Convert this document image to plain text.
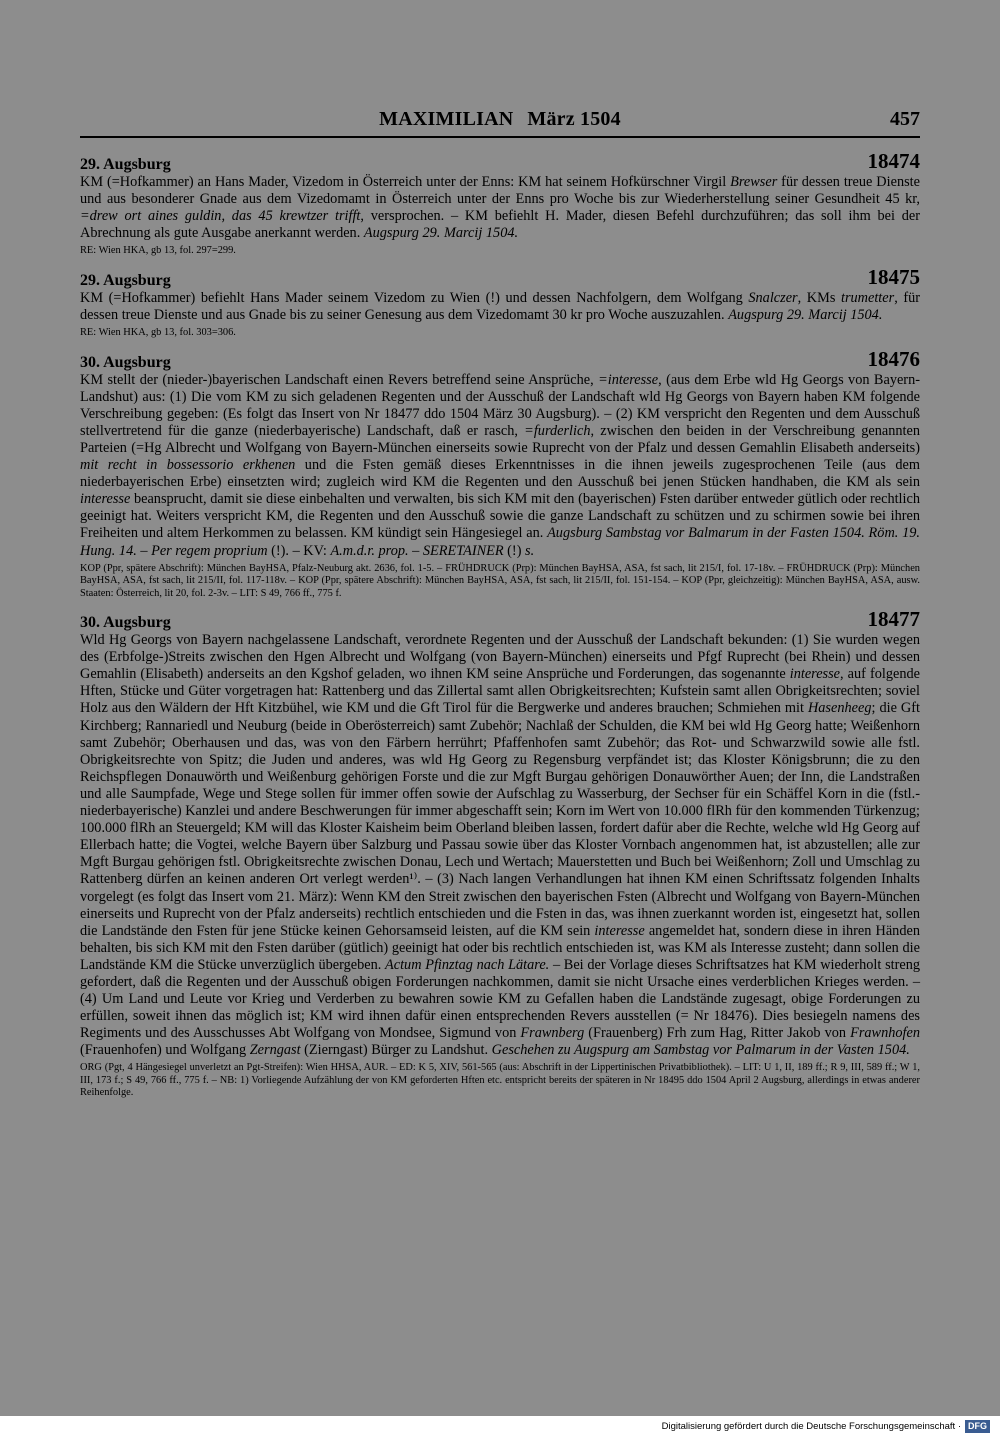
MAXIMILIAN März 1504	457
29. Augsburg	18474

KM (=Hofkammer) an Hans Mader, Vizedom in Österreich unter der Enns: KM hat seinem Hofkürschner Virgil Brewser für dessen treue Dienste und aus besonderer Gnade aus dem Vizedomamt in Österreich unter der Enns pro Woche bis zur Wiederherstellung seiner Gesundheit 45 kr, =drew ort aines guldin, das 45 krewtzer trifft, versprochen. – KM befiehlt H. Mader, diesen Befehl durchzuführen; das soll ihm bei der Abrechnung als gute Ausgabe anerkannt werden. Augspurg 29. Marcij 1504.

RE: Wien HKA, gb 13, fol. 297=299.
29. Augsburg	18475

KM (=Hofkammer) befiehlt Hans Mader seinem Vizedom zu Wien (!) und dessen Nachfolgern, dem Wolfgang Snalczer, KMs trumetter, für dessen treue Dienste und aus Gnade bis zu seiner Genesung aus dem Vizedomamt 30 kr pro Woche auszuzahlen. Augspurg 29. Marcij 1504.

RE: Wien HKA, gb 13, fol. 303=306.
30. Augsburg	18476

KM stellt der (nieder-)bayerischen Landschaft einen Revers betreffend seine Ansprüche, =interesse, (aus dem Erbe wld Hg Georgs von Bayern-Landshut) aus: (1) Die vom KM zu sich geladenen Regenten und der Ausschuß der Landschaft wld Hg Georgs von Bayern haben KM folgende Verschreibung gegeben: (Es folgt das Insert von Nr 18477 ddo 1504 März 30 Augsburg). – (2) KM verspricht den Regenten und dem Ausschuß stellvertretend für die ganze (niederbayerische) Landschaft, daß er rasch, =furderlich, zwischen den beiden in der Verschreibung genannten Parteien (=Hg Albrecht und Wolfgang von Bayern-München einerseits sowie Ruprecht von der Pfalz und dessen Gemahlin Elisabeth anderseits) mit recht in bossessorio erkhenen und die Fsten gemäß dieses Erkenntnisses in die ihnen jeweils zugesprochenen Teile (aus dem niederbayerischen Erbe) einsetzten wird; zugleich wird KM die Regenten und den Ausschuß bei jenen Stücken handhaben, die KM als sein interesse beansprucht, damit sie diese einbehalten und verwalten, bis sich KM mit den (bayerischen) Fsten darüber entweder gütlich oder rechtlich geeinigt hat. Weiters verspricht KM, die Regenten und den Ausschuß sowie die ganze Landschaft zu schützen und zu schirmen sowie bei ihren Freiheiten und altem Herkommen zu belassen. KM kündigt sein Hängesiegel an. Augsburg Sambstag vor Balmarum in der Fasten 1504. Röm. 19. Hung. 14. – Per regem proprium (!). – KV: A.m.d.r. prop. – SERETAINER (!) s.

KOP (Ppr, spätere Abschrift): München BayHSA, Pfalz-Neuburg akt. 2636, fol. 1-5. – FRÜHDRUCK (Prp): München BayHSA, ASA, fst sach, lit 215/I, fol. 17-18v. – FRÜHDRUCK (Prp): München BayHSA, ASA, fst sach, lit 215/II, fol. 117-118v. – KOP (Ppr, spätere Abschrift): München BayHSA, ASA, fst sach, lit 215/II, fol. 151-154. – KOP (Ppr, gleichzeitig): München BayHSA, ASA, ausw. Staaten: Österreich, lit 20, fol. 2-3v. – LIT: S 49, 766 ff., 775 f.
30. Augsburg	18477

Wld Hg Georgs von Bayern nachgelassene Landschaft, verordnete Regenten und der Ausschuß der Landschaft bekunden: (1) Sie wurden wegen des (Erbfolge-)Streits zwischen den Hgen Albrecht und Wolfgang (von Bayern-München) einerseits und Pfgf Ruprecht (bei Rhein) und dessen Gemahlin (Elisabeth) anderseits an den Kgshof geladen, wo ihnen KM seine Ansprüche und Forderungen, das sogenannte interesse, auf folgende Hften, Stücke und Güter vorgetragen hat: Rattenberg und das Zillertal samt allen Obrigkeitsrechten; Kufstein samt allen Obrigkeitsrechten; soviel Holz aus den Wäldern der Hft Kitzbühel, wie KM und die Gft Tirol für die Bergwerke und anderes brauchen; Schmiehen mit Hasenheeg; die Gft Kirchberg; Rannariedl und Neuburg (beide in Oberösterreich) samt Zubehör; Nachlaß der Schulden, die KM bei wld Hg Georg hatte; Weißenhorn samt Zubehör; Oberhausen und das, was von den Färbern herrührt; Pfaffenhofen samt Zubehör; das Rot- und Schwarzwild sowie alle fstl. Obrigkeitsrechte von Spitz; die Juden und anderes, was wld Hg Georg zu Regensburg verpfändet ist; das Kloster Königsbrunn; die zu den Reichspflegen Donauwörth und Weißenburg gehörigen Forste und die zur Mgft Burgau gehörigen Donauwörther Auen; der Inn, die Landstraßen und alle Saumpfade, Wege und Stege sollen für immer offen sowie der Aufschlag zu Wasserburg, der Sechser für ein Schäffel Korn in die (fstl.-niederbayerische) Kanzlei und andere Beschwerungen für immer abgeschafft sein; Korn im Wert von 10.000 flRh für den kommenden Türkenzug; 100.000 flRh an Steuergeld; KM will das Kloster Kaisheim beim Oberland bleiben lassen, fordert dafür aber die Rechte, welche wld Hg Georg auf Ellerbach hatte; die Vogtei, welche Bayern über Salzburg und Passau sowie über das Kloster Vornbach angenommen hat, ist abzustellen; alle zur Mgft Burgau gehörigen fstl. Obrigkeitsrechte zwischen Donau, Lech und Wertach; Mauerstetten und Buch bei Weißenhorn; Zoll und Umschlag zu Rattenberg dürfen an keinen anderen Ort verlegt werden¹⁾. – (3) Nach langen Verhandlungen hat ihnen KM einen Schriftssatz folgenden Inhalts vorgelegt (es folgt das Insert vom 21. März): Wenn KM den Streit zwischen den bayerischen Fsten (Albrecht und Wolfgang von Bayern-München einerseits und Ruprecht von der Pfalz anderseits) rechtlich entschieden und die Fsten in das, was ihnen zuerkannt worden ist, eingesetzt hat, sollen die Landstände den Fsten für jene Stücke keinen Gehorsamseid leisten, auf die KM sein interesse angemeldet hat, sondern diese in ihren Händen behalten, bis sich KM mit den Fsten darüber (gütlich) geeinigt hat oder bis rechtlich entschieden ist, was KM als Interesse zusteht; dann sollen die Landstände KM die Stücke unverzüglich übergeben. Actum Pfinztag nach Lätare. – Bei der Vorlage dieses Schriftsatzes hat KM wiederholt streng gefordert, daß die Regenten und der Ausschuß obigen Forderungen nachkommen, damit sie nicht Ursache eines verderblichen Krieges werden. – (4) Um Land und Leute vor Krieg und Verderben zu bewahren sowie KM zu Gefallen haben die Landstände zugesagt, obige Forderungen zu erfüllen, soweit ihnen das möglich ist; KM wird ihnen dafür einen entsprechenden Revers ausstellen (= Nr 18476). Dies besiegeln namens des Regiments und des Ausschusses Abt Wolfgang von Mondsee, Sigmund von Frawnberg (Frauenberg) Frh zum Hag, Ritter Jakob von Frawnhofen (Frauenhofen) und Wolfgang Zerngast (Zierngast) Bürger zu Landshut. Geschehen zu Augspurg am Sambstag vor Palmarum in der Vasten 1504.

ORG (Pgt, 4 Hängesiegel unverletzt an Pgt-Streifen): Wien HHSA, AUR. – ED: K 5, XIV, 561-565 (aus: Abschrift in der Lippertinischen Privatbibliothek). – LIT: U 1, II, 189 ff.; R 9, III, 589 ff.; W 1, III, 173 f.; S 49, 766 ff., 775 f. – NB: 1) Vorliegende Aufzählung der von KM geforderten Hften etc. entspricht bereits der späteren in Nr 18495 ddo 1504 April 2 Augsburg, allerdings in etwas anderer Reihenfolge.
Digitalisierung gefördert durch die Deutsche Forschungsgemeinschaft · DFG
